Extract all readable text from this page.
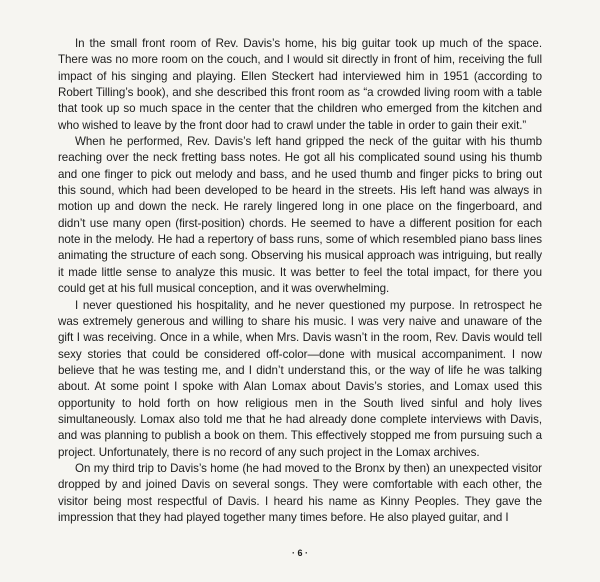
In the small front room of Rev. Davis’s home, his big guitar took up much of the space. There was no more room on the couch, and I would sit directly in front of him, receiving the full impact of his singing and playing. Ellen Steckert had interviewed him in 1951 (according to Robert Tilling’s book), and she described this front room as “a crowded living room with a table that took up so much space in the center that the children who emerged from the kitchen and who wished to leave by the front door had to crawl under the table in order to gain their exit.”

When he performed, Rev. Davis’s left hand gripped the neck of the guitar with his thumb reaching over the neck fretting bass notes. He got all his complicated sound using his thumb and one finger to pick out melody and bass, and he used thumb and finger picks to bring out this sound, which had been developed to be heard in the streets. His left hand was always in motion up and down the neck. He rarely lingered long in one place on the fingerboard, and didn’t use many open (first-position) chords. He seemed to have a different position for each note in the melody. He had a repertory of bass runs, some of which resembled piano bass lines animating the structure of each song. Observing his musical approach was intriguing, but really it made little sense to analyze this music. It was better to feel the total impact, for there you could get at his full musical conception, and it was overwhelming.

I never questioned his hospitality, and he never questioned my purpose. In retrospect he was extremely generous and willing to share his music. I was very naive and unaware of the gift I was receiving. Once in a while, when Mrs. Davis wasn’t in the room, Rev. Davis would tell sexy stories that could be considered off-color—done with musical accompaniment. I now believe that he was testing me, and I didn’t understand this, or the way of life he was talking about. At some point I spoke with Alan Lomax about Davis’s stories, and Lomax used this opportunity to hold forth on how religious men in the South lived sinful and holy lives simultaneously. Lomax also told me that he had already done complete interviews with Davis, and was planning to publish a book on them. This effectively stopped me from pursuing such a project. Unfortunately, there is no record of any such project in the Lomax archives.

On my third trip to Davis’s home (he had moved to the Bronx by then) an unexpected visitor dropped by and joined Davis on several songs. They were comfortable with each other, the visitor being most respectful of Davis. I heard his name as Kinny Peoples. They gave the impression that they had played together many times before. He also played guitar, and I

· 6 ·
